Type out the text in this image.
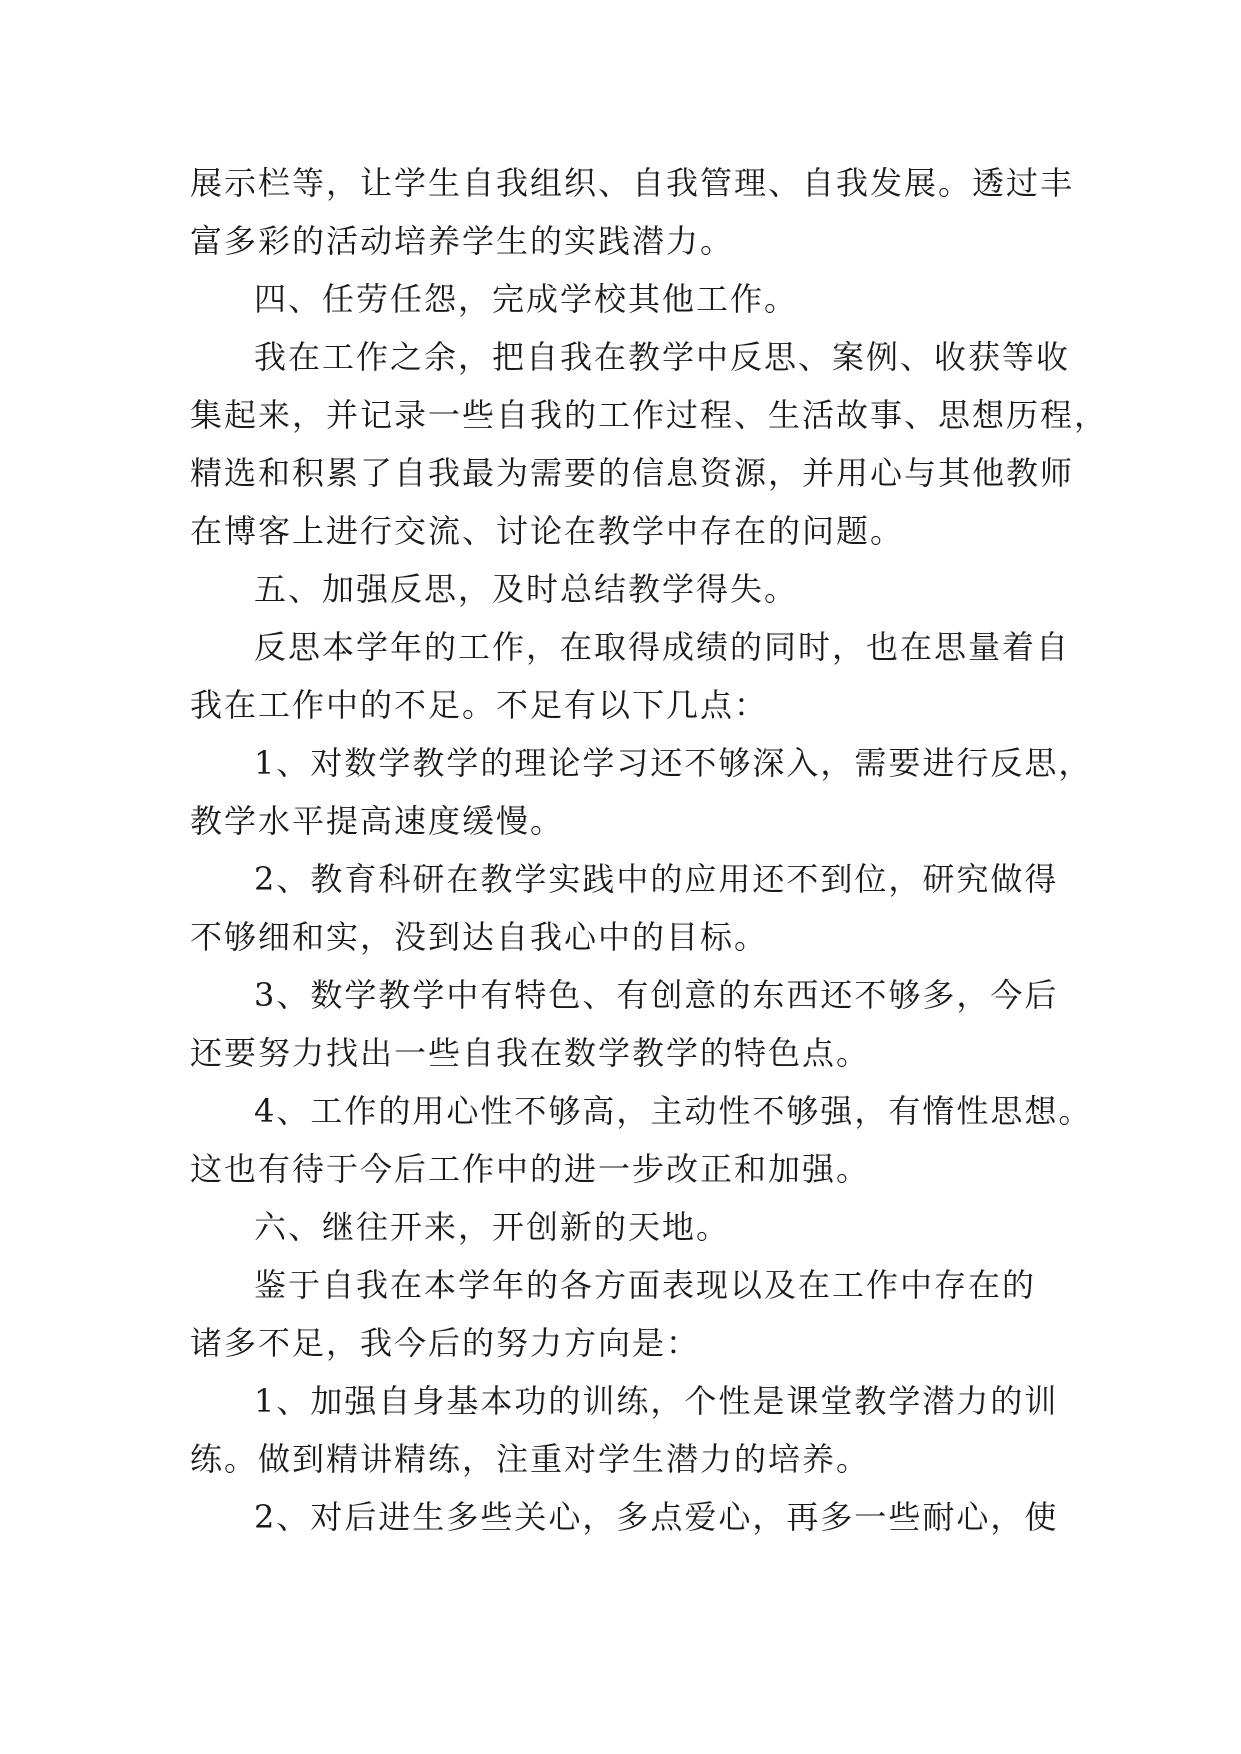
展示栏等，让学生自我组织、自我管理、自我发展。透过丰
富多彩的活动培养学生的实践潜力。
四、任劳任怨，完成学校其他工作。
我在工作之余，把自我在教学中反思、案例、收获等收
集起来，并记录一些自我的工作过程、生活故事、思想历程，
精选和积累了自我最为需要的信息资源，并用心与其他教师
在博客上进行交流、讨论在教学中存在的问题。
五、加强反思，及时总结教学得失。
反思本学年的工作，在取得成绩的同时，也在思量着自
我在工作中的不足。不足有以下几点：
1、对数学教学的理论学习还不够深入，需要进行反思，
教学水平提高速度缓慢。
2、教育科研在教学实践中的应用还不到位，研究做得
不够细和实，没到达自我心中的目标。
3、数学教学中有特色、有创意的东西还不够多，今后
还要努力找出一些自我在数学教学的特色点。
4、工作的用心性不够高，主动性不够强，有惰性思想。
这也有待于今后工作中的进一步改正和加强。
六、继往开来，开创新的天地。
鉴于自我在本学年的各方面表现以及在工作中存在的
诸多不足，我今后的努力方向是：
1、加强自身基本功的训练，个性是课堂教学潜力的训
练。做到精讲精练，注重对学生潜力的培养。
2、对后进生多些关心，多点爱心，再多一些耐心，使
